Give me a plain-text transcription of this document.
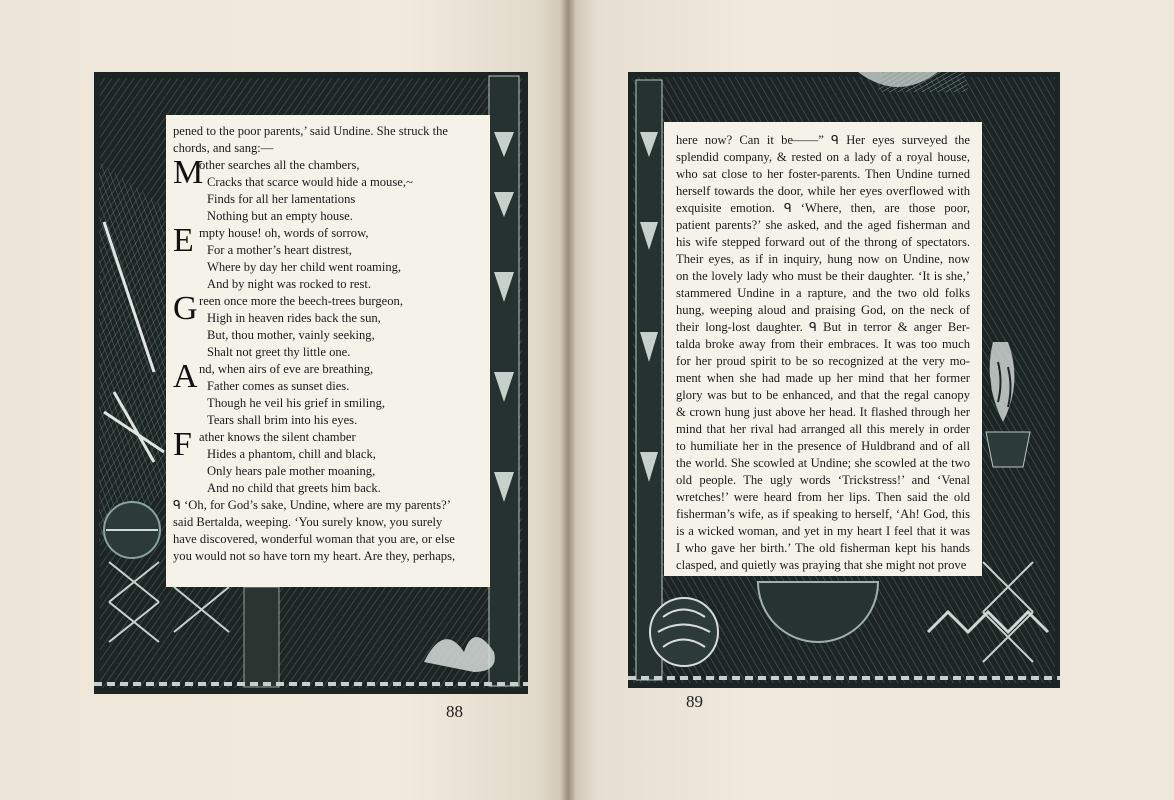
pened to the poor parents,’ said Undine. She struck the

chords, and sang:—

M

other searches all the chambers,

Cracks that scarce would hide a mouse,~

Finds for all her lamentations

Nothing but an empty house.

E mpty house! oh, words of sorrow,

For a mother’s heart distrest,

Where by day her child went roaming,

And by night was rocked to rest.

G reen once more the beech-trees burgeon,

High in heaven rides back the sun,

But, thou mother, vainly seeking,

Shalt not greet thy little one.

A nd, when airs of eve are breathing,

Father comes as sunset dies.

Though he veil his grief in smiling,

Tears shall brim into his eyes.

F ather knows the silent chamber

Hides a phantom, chill and black,

Only hears pale mother moaning,

And no child that greets him back.

ᑫ ‘Oh, for God’s sake, Undine, where are my parents?’

said Bertalda, weeping. ‘You surely know, you surely

have discovered, wonderful woman that you are, or else

you would not so have torn my heart. Are they, perhaps,

88

here now? Can it be——” ᑫ Her eyes surveyed the

splendid company, & rested on a lady of a royal house,

who sat close to her foster-parents. Then Undine turned

herself towards the door, while her eyes overflowed with

exquisite emotion. ᑫ ‘Where, then, are those poor,

patient parents?’ she asked, and the aged fisherman and

his wife stepped forward out of the throng of spectators.

Their eyes, as if in inquiry, hung now on Undine, now

on the lovely lady who must be their daughter. ‘It is she,’

stammered Undine in a rapture, and the two old folks

hung, weeping aloud and praising God, on the neck of

their long-lost daughter. ᑫ But in terror & anger Ber-

talda broke away from their embraces. It was too much

for her proud spirit to be so recognized at the very mo-

ment when she had made up her mind that her former

glory was but to be enhanced, and that the regal canopy

& crown hung just above her head. It flashed through her

mind that her rival had arranged all this merely in order

to humiliate her in the presence of Huldbrand and of all

the world. She scowled at Undine; she scowled at the two

old people. The ugly words ‘Trickstress!’ and ‘Venal

wretches!’ were heard from her lips. Then said the old

fisherman’s wife, as if speaking to herself, ‘Ah! God, this

is a wicked woman, and yet in my heart I feel that it was

I who gave her birth.’ The old fisherman kept his hands

clasped, and quietly was praying that she might not prove

89
